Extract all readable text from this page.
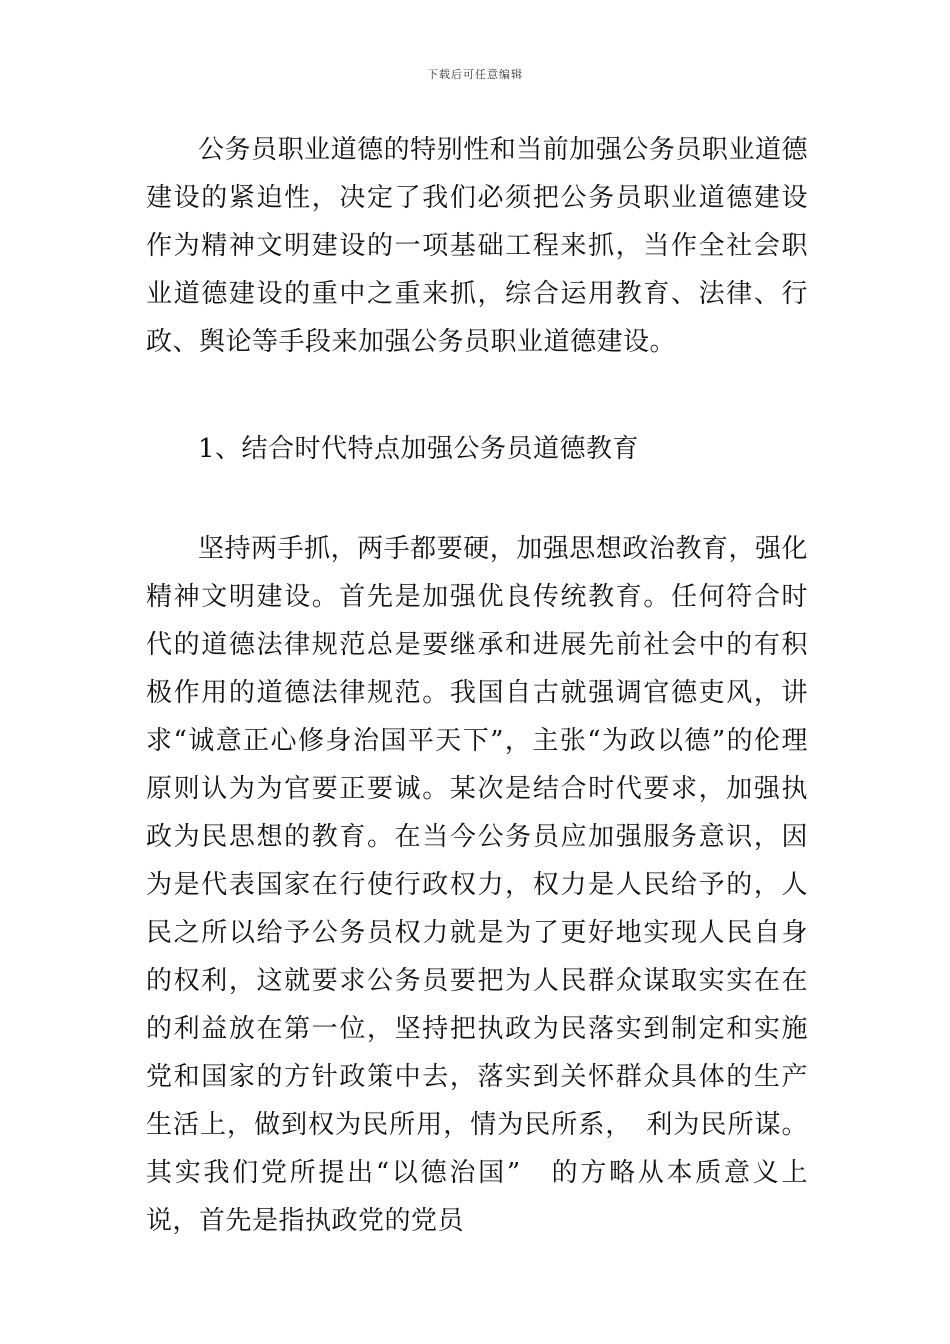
下载后可任意编辑
公务员职业道德的特别性和当前加强公务员职业道德建设的紧迫性，决定了我们必须把公务员职业道德建设作为精神文明建设的一项基础工程来抓，当作全社会职业道德建设的重中之重来抓，综合运用教育、法律、行政、舆论等手段来加强公务员职业道德建设。
1、结合时代特点加强公务员道德教育
坚持两手抓，两手都要硬，加强思想政治教育，强化精神文明建设。首先是加强优良传统教育。任何符合时代的道德法律规范总是要继承和进展先前社会中的有积极作用的道德法律规范。我国自古就强调官德吏风，讲求“诚意正心修身治国平天下”，主张“为政以德”的伦理原则认为为官要正要诚。某次是结合时代要求，加强执政为民思想的教育。在当今公务员应加强服务意识，因为是代表国家在行使行政权力，权力是人民给予的，人民之所以给予公务员权力就是为了更好地实现人民自身的权利，这就要求公务员要把为人民群众谋取实实在在的利益放在第一位，坚持把执政为民落实到制定和实施党和国家的方针政策中去，落实到关怀群众具体的生产生活上，做到权为民所用，情为民所系，　利为民所谋。其实我们党所提出“以德治国”　的方略从本质意义上说，首先是指执政党的党员
